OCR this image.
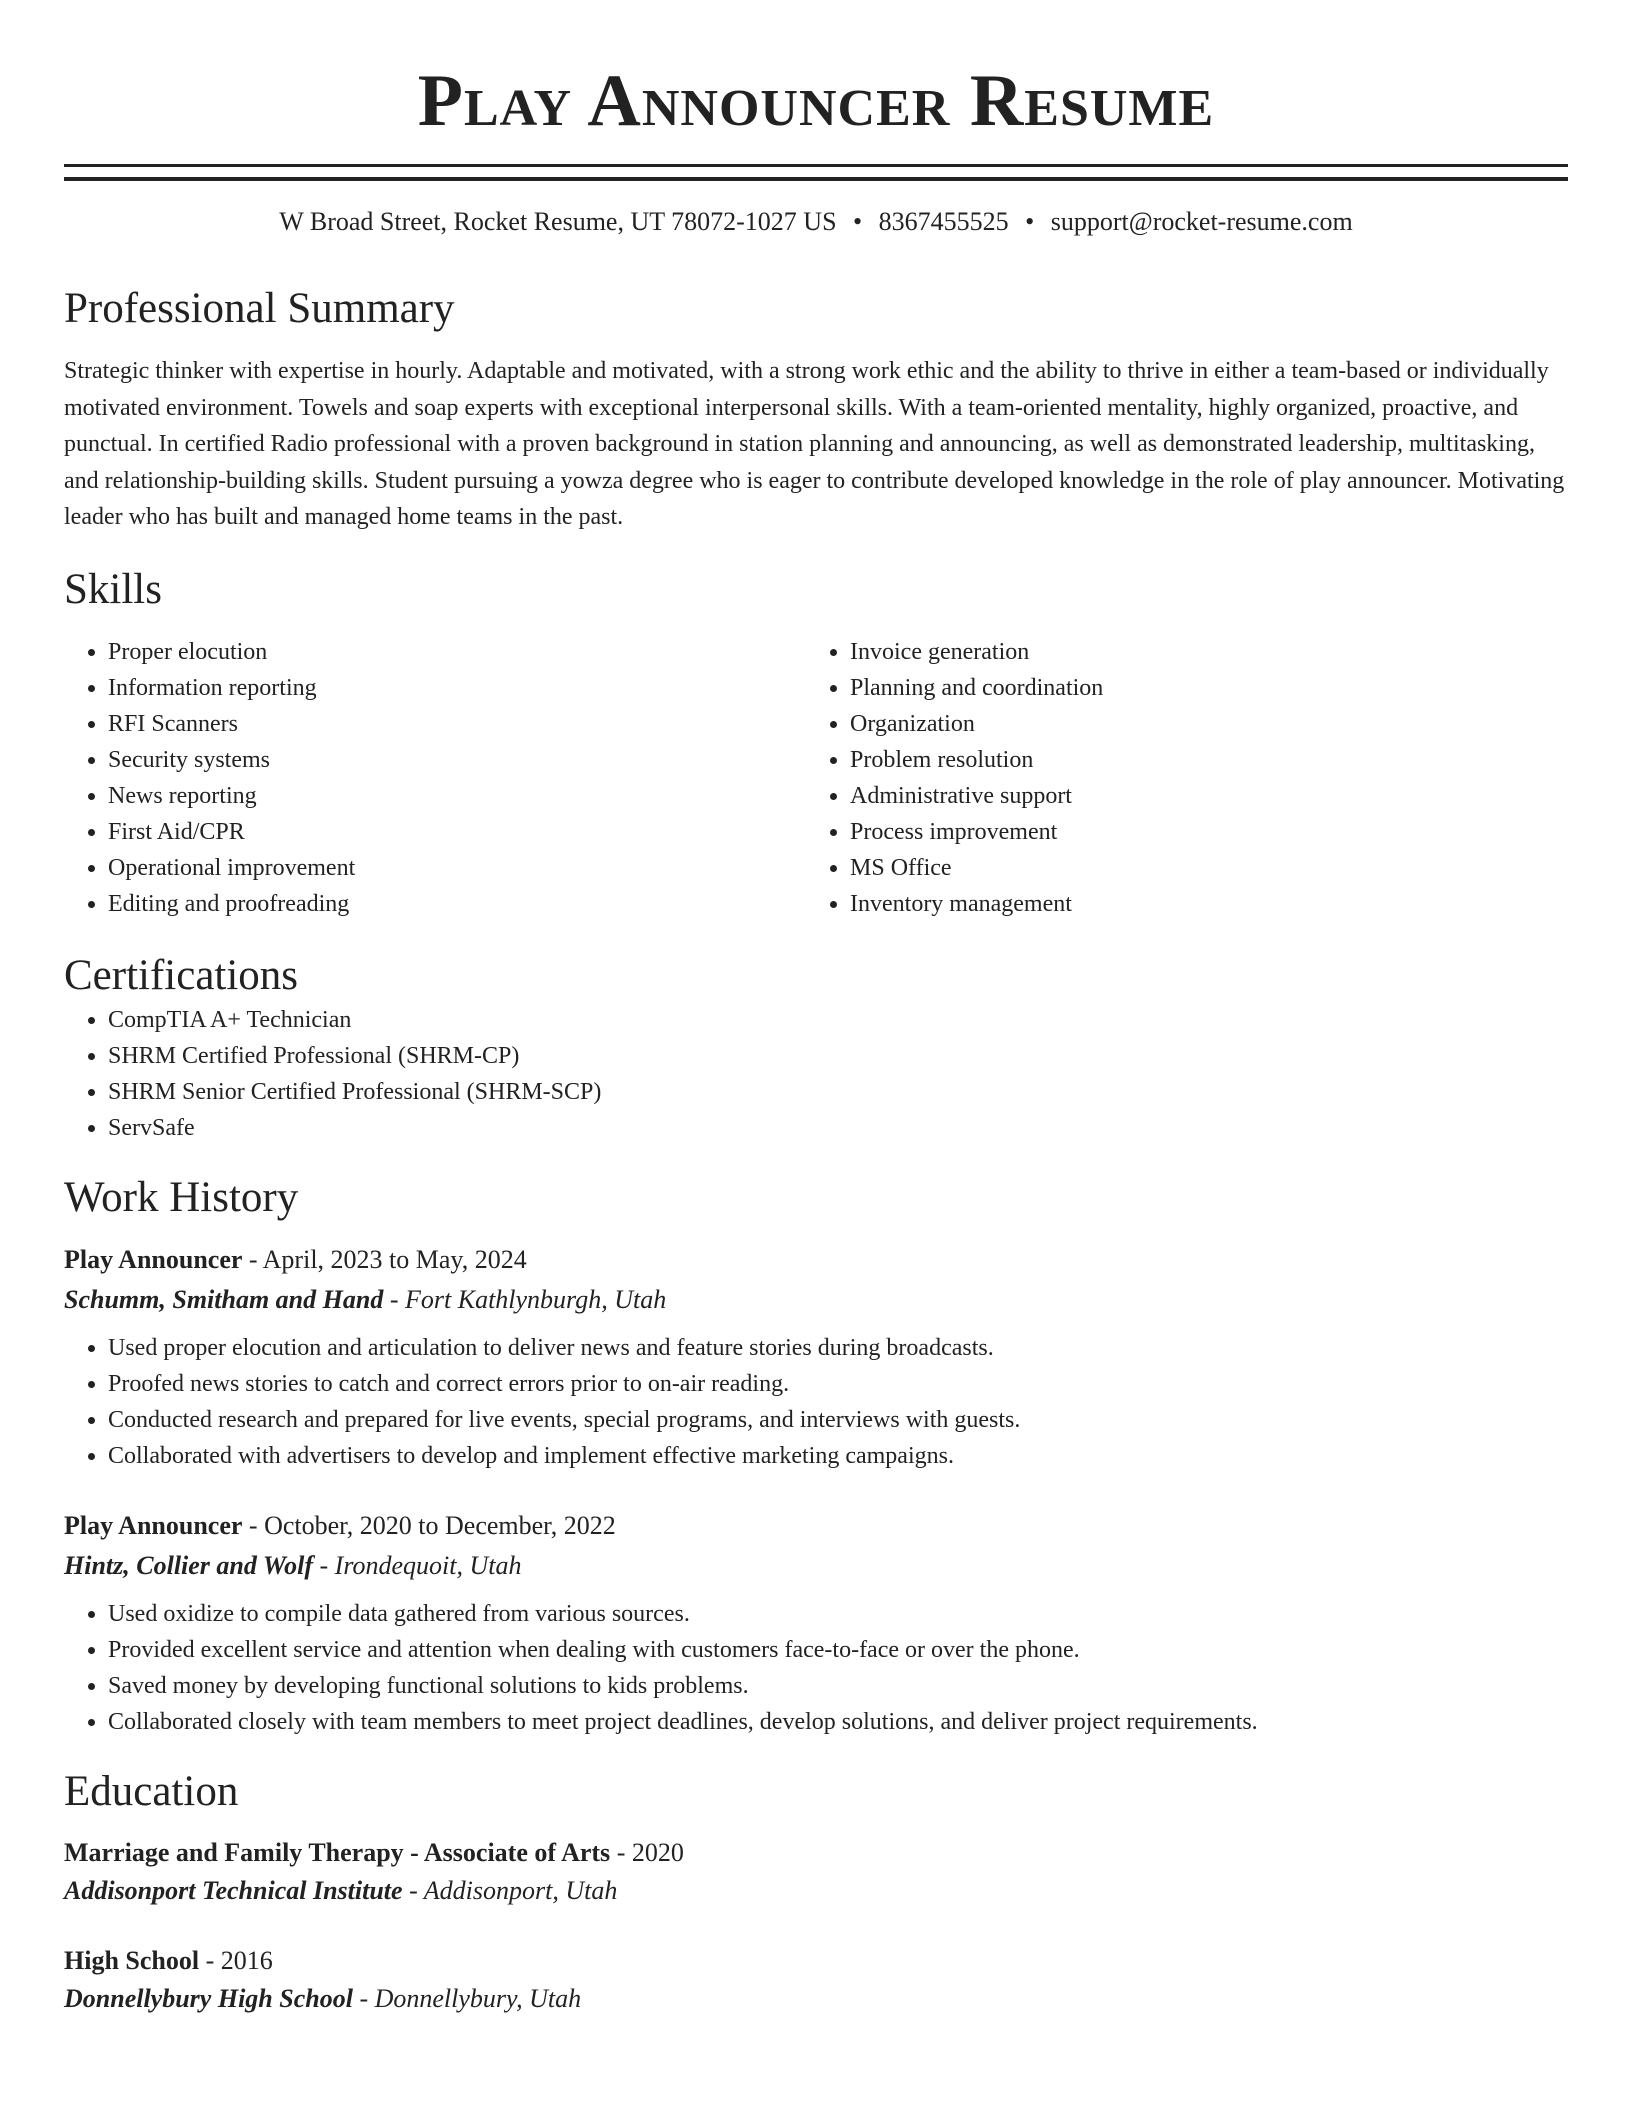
Play Announcer Resume
W Broad Street, Rocket Resume, UT 78072-1027 US • 8367455525 • support@rocket-resume.com
Professional Summary

Strategic thinker with expertise in hourly. Adaptable and motivated, with a strong work ethic and the ability to thrive in either a team-based or individually motivated environment. Towels and soap experts with exceptional interpersonal skills. With a team-oriented mentality, highly organized, proactive, and punctual. In certified Radio professional with a proven background in station planning and announcing, as well as demonstrated leadership, multitasking, and relationship-building skills. Student pursuing a yowza degree who is eager to contribute developed knowledge in the role of play announcer. Motivating leader who has built and managed home teams in the past.

Skills
• Proper elocution
• Information reporting
• RFI Scanners
• Security systems
• News reporting
• First Aid/CPR
• Operational improvement
• Editing and proofreading
• Invoice generation
• Planning and coordination
• Organization
• Problem resolution
• Administrative support
• Process improvement
• MS Office
• Inventory management
Certifications
• CompTIA A+ Technician
• SHRM Certified Professional (SHRM-CP)
• SHRM Senior Certified Professional (SHRM-SCP)
• ServSafe
Work History
Play Announcer - April, 2023 to May, 2024
Schumm, Smitham and Hand - Fort Kathlynburgh, Utah
• Used proper elocution and articulation to deliver news and feature stories during broadcasts.
• Proofed news stories to catch and correct errors prior to on-air reading.
• Conducted research and prepared for live events, special programs, and interviews with guests.
• Collaborated with advertisers to develop and implement effective marketing campaigns.
Play Announcer - October, 2020 to December, 2022
Hintz, Collier and Wolf - Irondequoit, Utah
• Used oxidize to compile data gathered from various sources.
• Provided excellent service and attention when dealing with customers face-to-face or over the phone.
• Saved money by developing functional solutions to kids problems.
• Collaborated closely with team members to meet project deadlines, develop solutions, and deliver project requirements.
Education
Marriage and Family Therapy - Associate of Arts - 2020
Addisonport Technical Institute - Addisonport, Utah
High School - 2016
Donnellybury High School - Donnellybury, Utah
